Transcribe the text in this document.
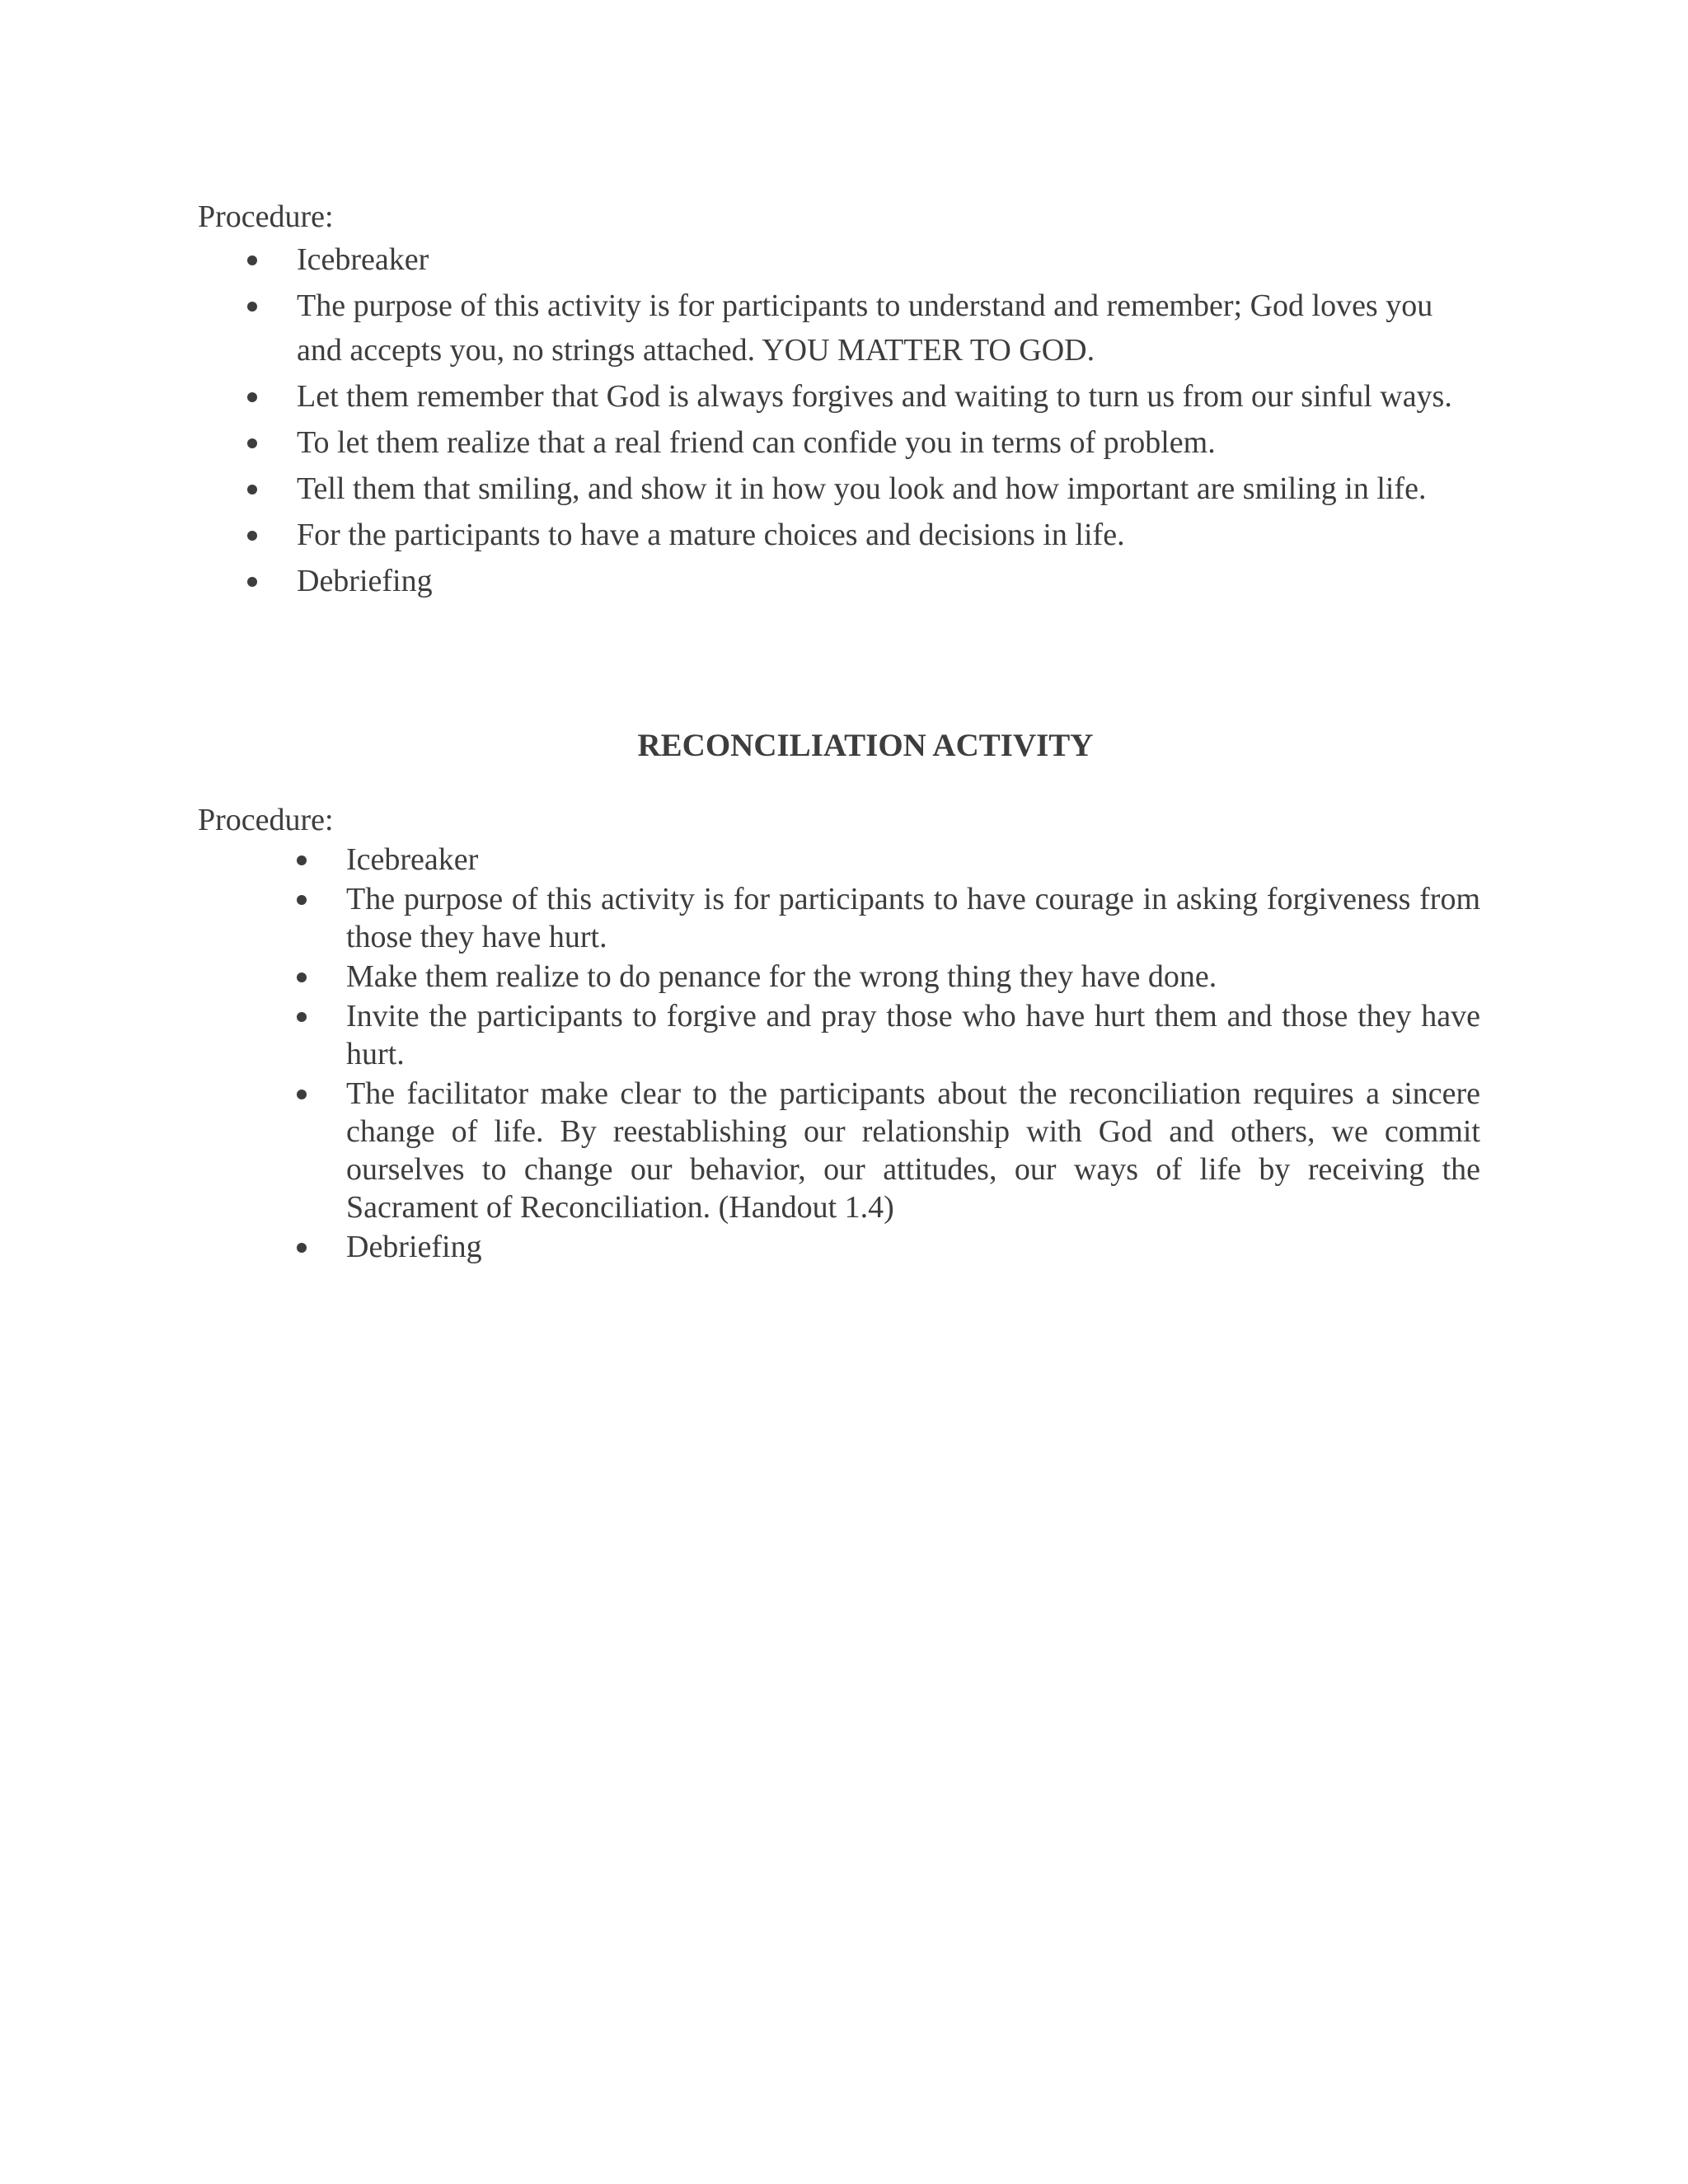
Procedure:

Icebreaker
The purpose of this activity is for participants to understand and remember; God loves you and accepts you, no strings attached. YOU MATTER TO GOD.
Let them remember that God is always forgives and waiting to turn us from our sinful ways.
To let them realize that a real friend can confide you in terms of problem.
Tell them that smiling, and show it in how you look and how important are smiling in life.
For the participants to have a mature choices and decisions in life.
Debriefing
RECONCILIATION ACTIVITY

Procedure:

Icebreaker
The purpose of this activity is for participants to have courage in asking forgiveness from those they have hurt.
Make them realize to do penance for the wrong thing they have done.
Invite the participants to forgive and pray those who have hurt them and those they have hurt.
The facilitator make clear to the participants about the reconciliation requires a sincere change of life. By reestablishing our relationship with God and others, we commit ourselves to change our behavior, our attitudes, our ways of life by receiving the Sacrament of Reconciliation. (Handout 1.4)
Debriefing
